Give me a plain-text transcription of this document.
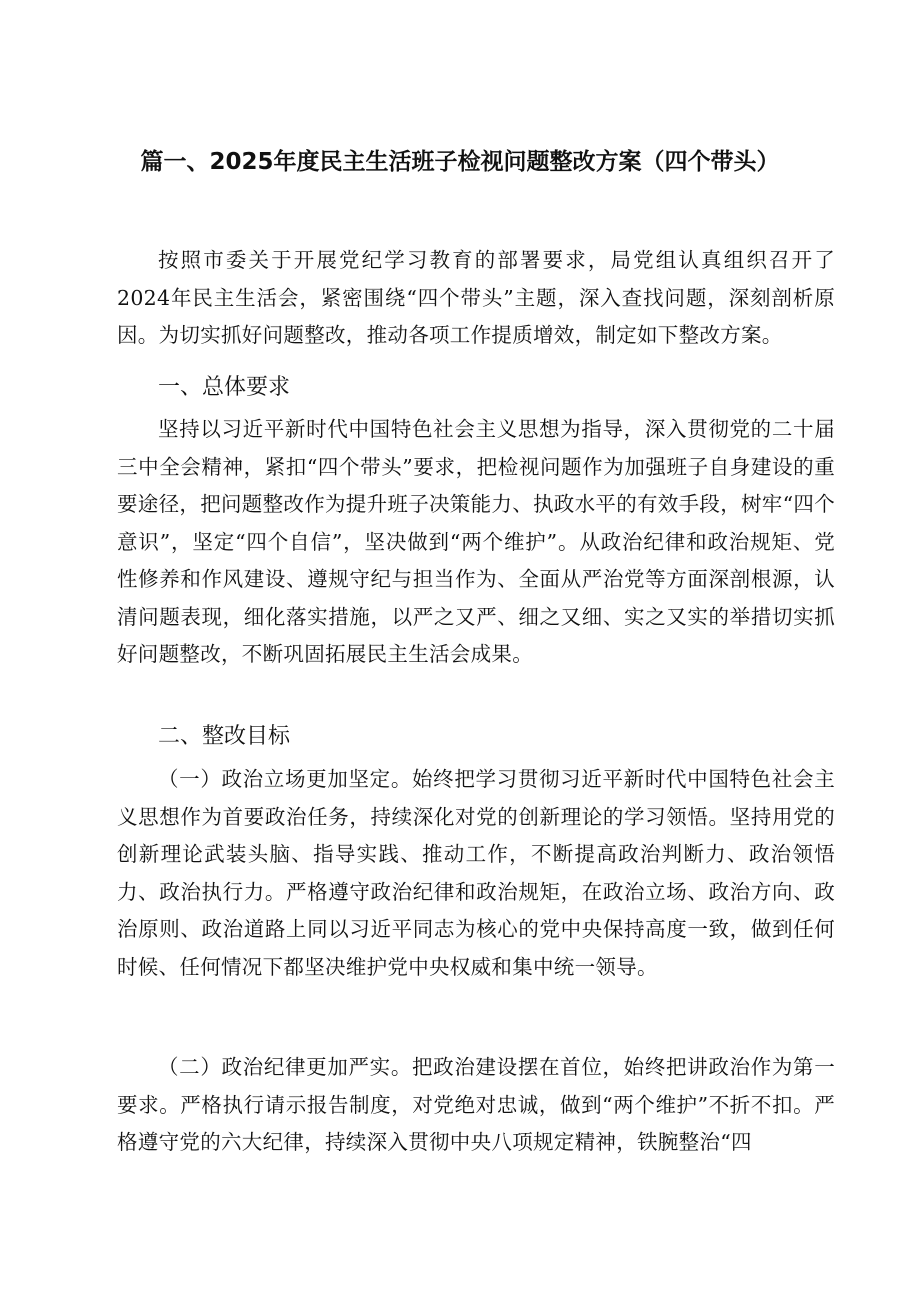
篇一、2025年度民主生活班子检视问题整改方案（四个带头）

按照市委关于开展党纪学习教育的部署要求，局党组认真组织召开了2024年民主生活会，紧密围绕“四个带头”主题，深入查找问题，深刻剖析原因。为切实抓好问题整改，推动各项工作提质增效，制定如下整改方案。

一、总体要求

坚持以习近平新时代中国特色社会主义思想为指导，深入贯彻党的二十届三中全会精神，紧扣“四个带头”要求，把检视问题作为加强班子自身建设的重要途径，把问题整改作为提升班子决策能力、执政水平的有效手段，树牢“四个意识”，坚定“四个自信”，坚决做到“两个维护”。从政治纪律和政治规矩、党性修养和作风建设、遵规守纪与担当作为、全面从严治党等方面深剖根源，认清问题表现，细化落实措施，以严之又严、细之又细、实之又实的举措切实抓好问题整改，不断巩固拓展民主生活会成果。

二、整改目标

（一）政治立场更加坚定。始终把学习贯彻习近平新时代中国特色社会主义思想作为首要政治任务，持续深化对党的创新理论的学习领悟。坚持用党的创新理论武装头脑、指导实践、推动工作，不断提高政治判断力、政治领悟力、政治执行力。严格遵守政治纪律和政治规矩，在政治立场、政治方向、政治原则、政治道路上同以习近平同志为核心的党中央保持高度一致，做到任何时候、任何情况下都坚决维护党中央权威和集中统一领导。

（二）政治纪律更加严实。把政治建设摆在首位，始终把讲政治作为第一要求。严格执行请示报告制度，对党绝对忠诚，做到“两个维护”不折不扣。严格遵守党的六大纪律，持续深入贯彻中央八项规定精神，铁腕整治“四
